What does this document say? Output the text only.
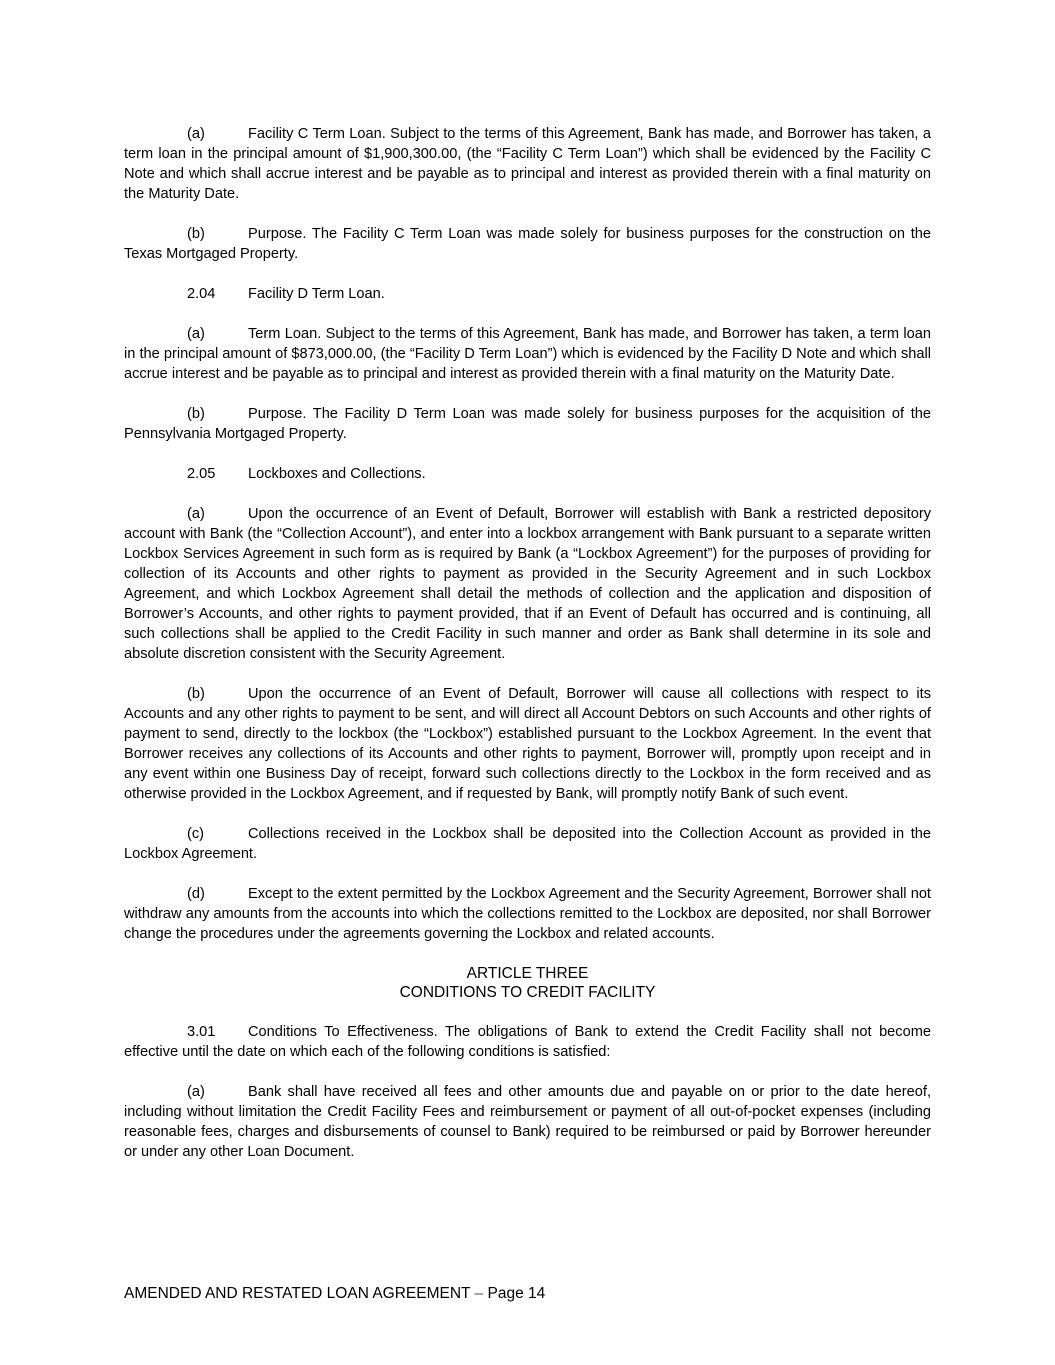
(a)	Facility C Term Loan. Subject to the terms of this Agreement, Bank has made, and Borrower has taken, a term loan in the principal amount of $1,900,300.00, (the “Facility C Term Loan”) which shall be evidenced by the Facility C Note and which shall accrue interest and be payable as to principal and interest as provided therein with a final maturity on the Maturity Date.

(b)	Purpose. The Facility C Term Loan was made solely for business purposes for the construction on the Texas Mortgaged Property.

2.04 Facility D Term Loan.

(a)	Term Loan. Subject to the terms of this Agreement, Bank has made, and Borrower has taken, a term loan in the principal amount of $873,000.00, (the “Facility D Term Loan”) which is evidenced by the Facility D Note and which shall accrue interest and be payable as to principal and interest as provided therein with a final maturity on the Maturity Date.

(b)	Purpose. The Facility D Term Loan was made solely for business purposes for the acquisition of the Pennsylvania Mortgaged Property.

2.05 Lockboxes and Collections.

(a)	Upon the occurrence of an Event of Default, Borrower will establish with Bank a restricted depository account with Bank (the “Collection Account”), and enter into a lockbox arrangement with Bank pursuant to a separate written Lockbox Services Agreement in such form as is required by Bank (a “Lockbox Agreement”) for the purposes of providing for collection of its Accounts and other rights to payment as provided in the Security Agreement and in such Lockbox Agreement, and which Lockbox Agreement shall detail the methods of collection and the application and disposition of Borrower’s Accounts, and other rights to payment provided, that if an Event of Default has occurred and is continuing, all such collections shall be applied to the Credit Facility in such manner and order as Bank shall determine in its sole and absolute discretion consistent with the Security Agreement.

(b)	Upon the occurrence of an Event of Default, Borrower will cause all collections with respect to its Accounts and any other rights to payment to be sent, and will direct all Account Debtors on such Accounts and other rights of payment to send, directly to the lockbox (the “Lockbox”) established pursuant to the Lockbox Agreement. In the event that Borrower receives any collections of its Accounts and other rights to payment, Borrower will, promptly upon receipt and in any event within one Business Day of receipt, forward such collections directly to the Lockbox in the form received and as otherwise provided in the Lockbox Agreement, and if requested by Bank, will promptly notify Bank of such event.

(c)	Collections received in the Lockbox shall be deposited into the Collection Account as provided in the Lockbox Agreement.

(d)	Except to the extent permitted by the Lockbox Agreement and the Security Agreement, Borrower shall not withdraw any amounts from the accounts into which the collections remitted to the Lockbox are deposited, nor shall Borrower change the procedures under the agreements governing the Lockbox and related accounts.

ARTICLE THREE
CONDITIONS TO CREDIT FACILITY

3.01 Conditions To Effectiveness. The obligations of Bank to extend the Credit Facility shall not become effective until the date on which each of the following conditions is satisfied:

(a)	Bank shall have received all fees and other amounts due and payable on or prior to the date hereof, including without limitation the Credit Facility Fees and reimbursement or payment of all out-of-pocket expenses (including reasonable fees, charges and disbursements of counsel to Bank) required to be reimbursed or paid by Borrower hereunder or under any other Loan Document.

AMENDED AND RESTATED LOAN AGREEMENT – Page 14
